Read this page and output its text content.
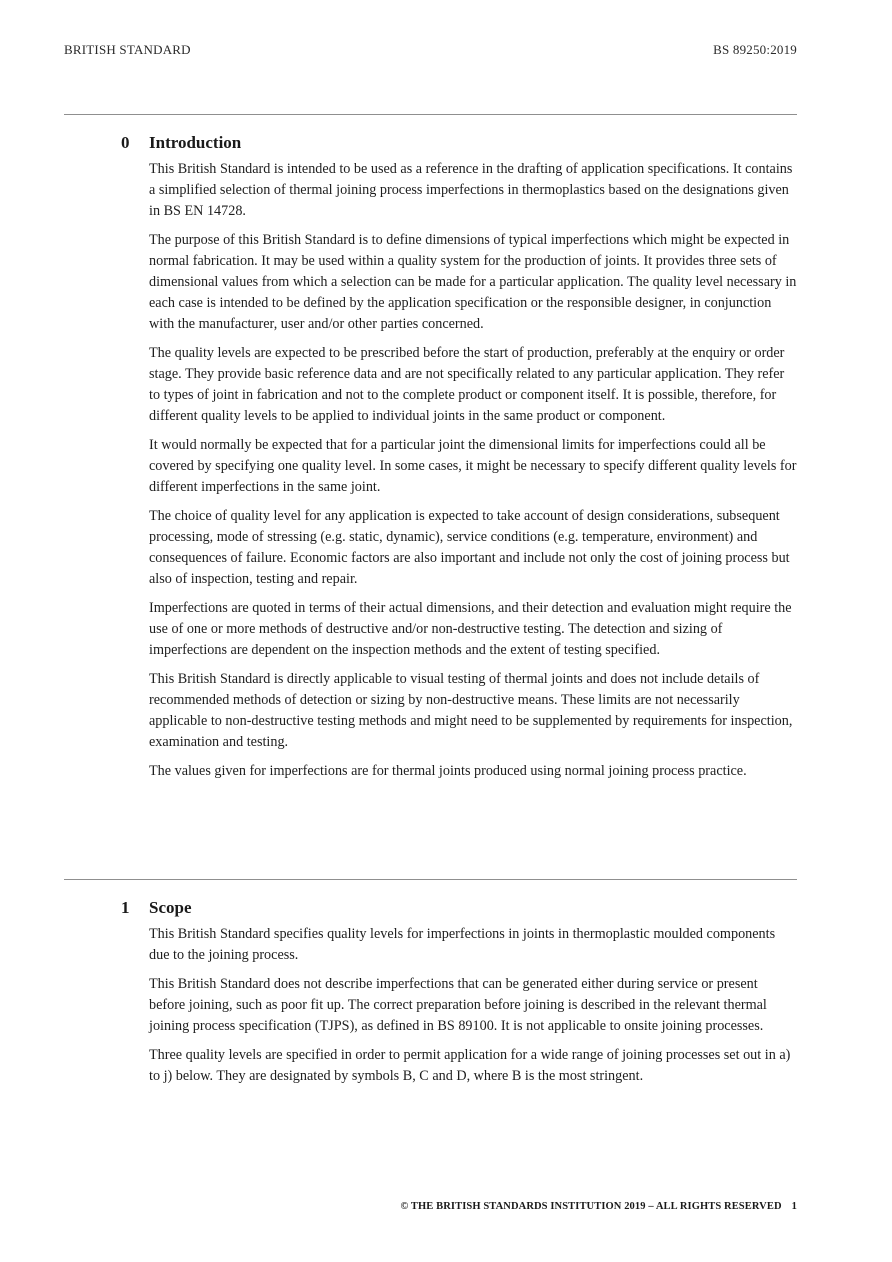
BRITISH STANDARD	BS 89250:2019
0 Introduction

This British Standard is intended to be used as a reference in the drafting of application specifications. It contains a simplified selection of thermal joining process imperfections in thermoplastics based on the designations given in BS EN 14728.

The purpose of this British Standard is to define dimensions of typical imperfections which might be expected in normal fabrication. It may be used within a quality system for the production of joints. It provides three sets of dimensional values from which a selection can be made for a particular application. The quality level necessary in each case is intended to be defined by the application specification or the responsible designer, in conjunction with the manufacturer, user and/or other parties concerned.

The quality levels are expected to be prescribed before the start of production, preferably at the enquiry or order stage. They provide basic reference data and are not specifically related to any particular application. They refer to types of joint in fabrication and not to the complete product or component itself. It is possible, therefore, for different quality levels to be applied to individual joints in the same product or component.

It would normally be expected that for a particular joint the dimensional limits for imperfections could all be covered by specifying one quality level. In some cases, it might be necessary to specify different quality levels for different imperfections in the same joint.

The choice of quality level for any application is expected to take account of design considerations, subsequent processing, mode of stressing (e.g. static, dynamic), service conditions (e.g. temperature, environment) and consequences of failure. Economic factors are also important and include not only the cost of joining process but also of inspection, testing and repair.

Imperfections are quoted in terms of their actual dimensions, and their detection and evaluation might require the use of one or more methods of destructive and/or non-destructive testing. The detection and sizing of imperfections are dependent on the inspection methods and the extent of testing specified.

This British Standard is directly applicable to visual testing of thermal joints and does not include details of recommended methods of detection or sizing by non-destructive means. These limits are not necessarily applicable to non-destructive testing methods and might need to be supplemented by requirements for inspection, examination and testing.

The values given for imperfections are for thermal joints produced using normal joining process practice.

1 Scope

This British Standard specifies quality levels for imperfections in joints in thermoplastic moulded components due to the joining process.

This British Standard does not describe imperfections that can be generated either during service or present before joining, such as poor fit up. The correct preparation before joining is described in the relevant thermal joining process specification (TJPS), as defined in BS 89100. It is not applicable to onsite joining processes.

Three quality levels are specified in order to permit application for a wide range of joining processes set out in a) to j) below. They are designated by symbols B, C and D, where B is the most stringent.

© THE BRITISH STANDARDS INSTITUTION 2019 – ALL RIGHTS RESERVED 1
